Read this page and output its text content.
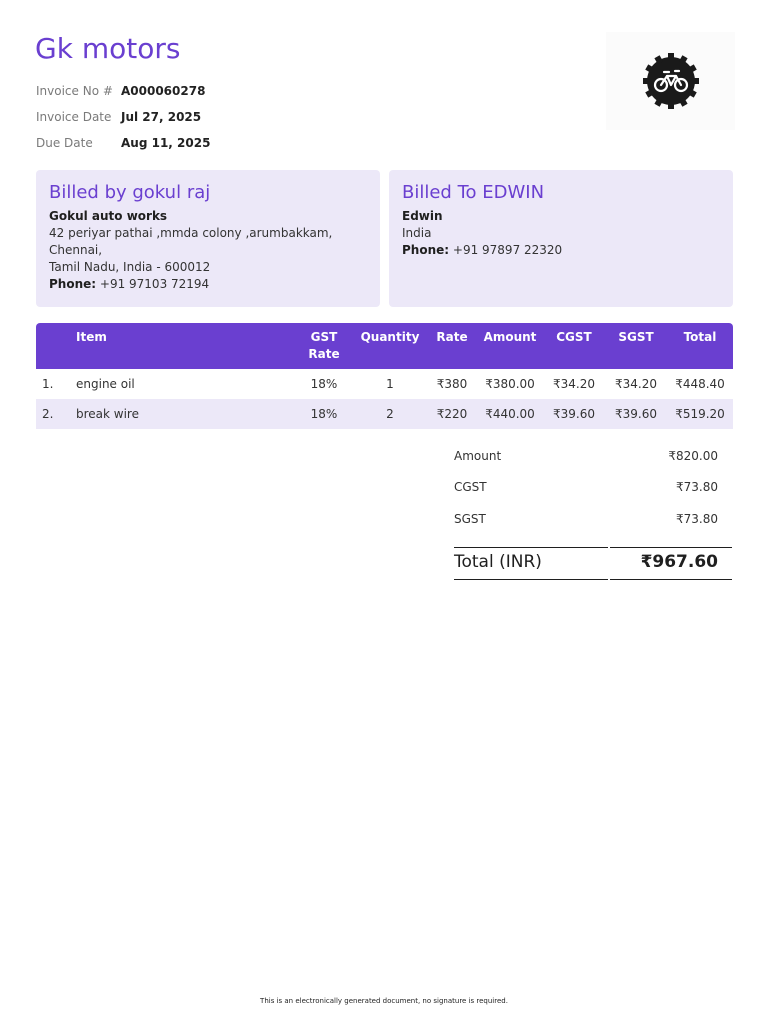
Gk motors
Invoice No # A000060278
Invoice Date Jul 27, 2025
Due Date	Aug 11, 2025
Billed by gokul raj
Gokul auto works
42 periyar pathai ,mmda colony ,arumbakkam,
Chennai,
Tamil Nadu, India - 600012
Phone: +91 97103 72194
Billed To EDWIN
Edwin
India
Phone: +91 97897 22320
	Item	GST
Rate	Quantity	Rate	Amount	CGST	SGST	Total
1.	engine oil	18%	1	₹380	₹380.00	₹34.20	₹34.20	₹448.40
2.	break wire	18%	2	₹220	₹440.00	₹39.60	₹39.60	₹519.20
Amount	₹820.00
CGST	₹73.80
SGST	₹73.80
Total (INR)	₹967.60
This is an electronically generated document, no signature is required.
